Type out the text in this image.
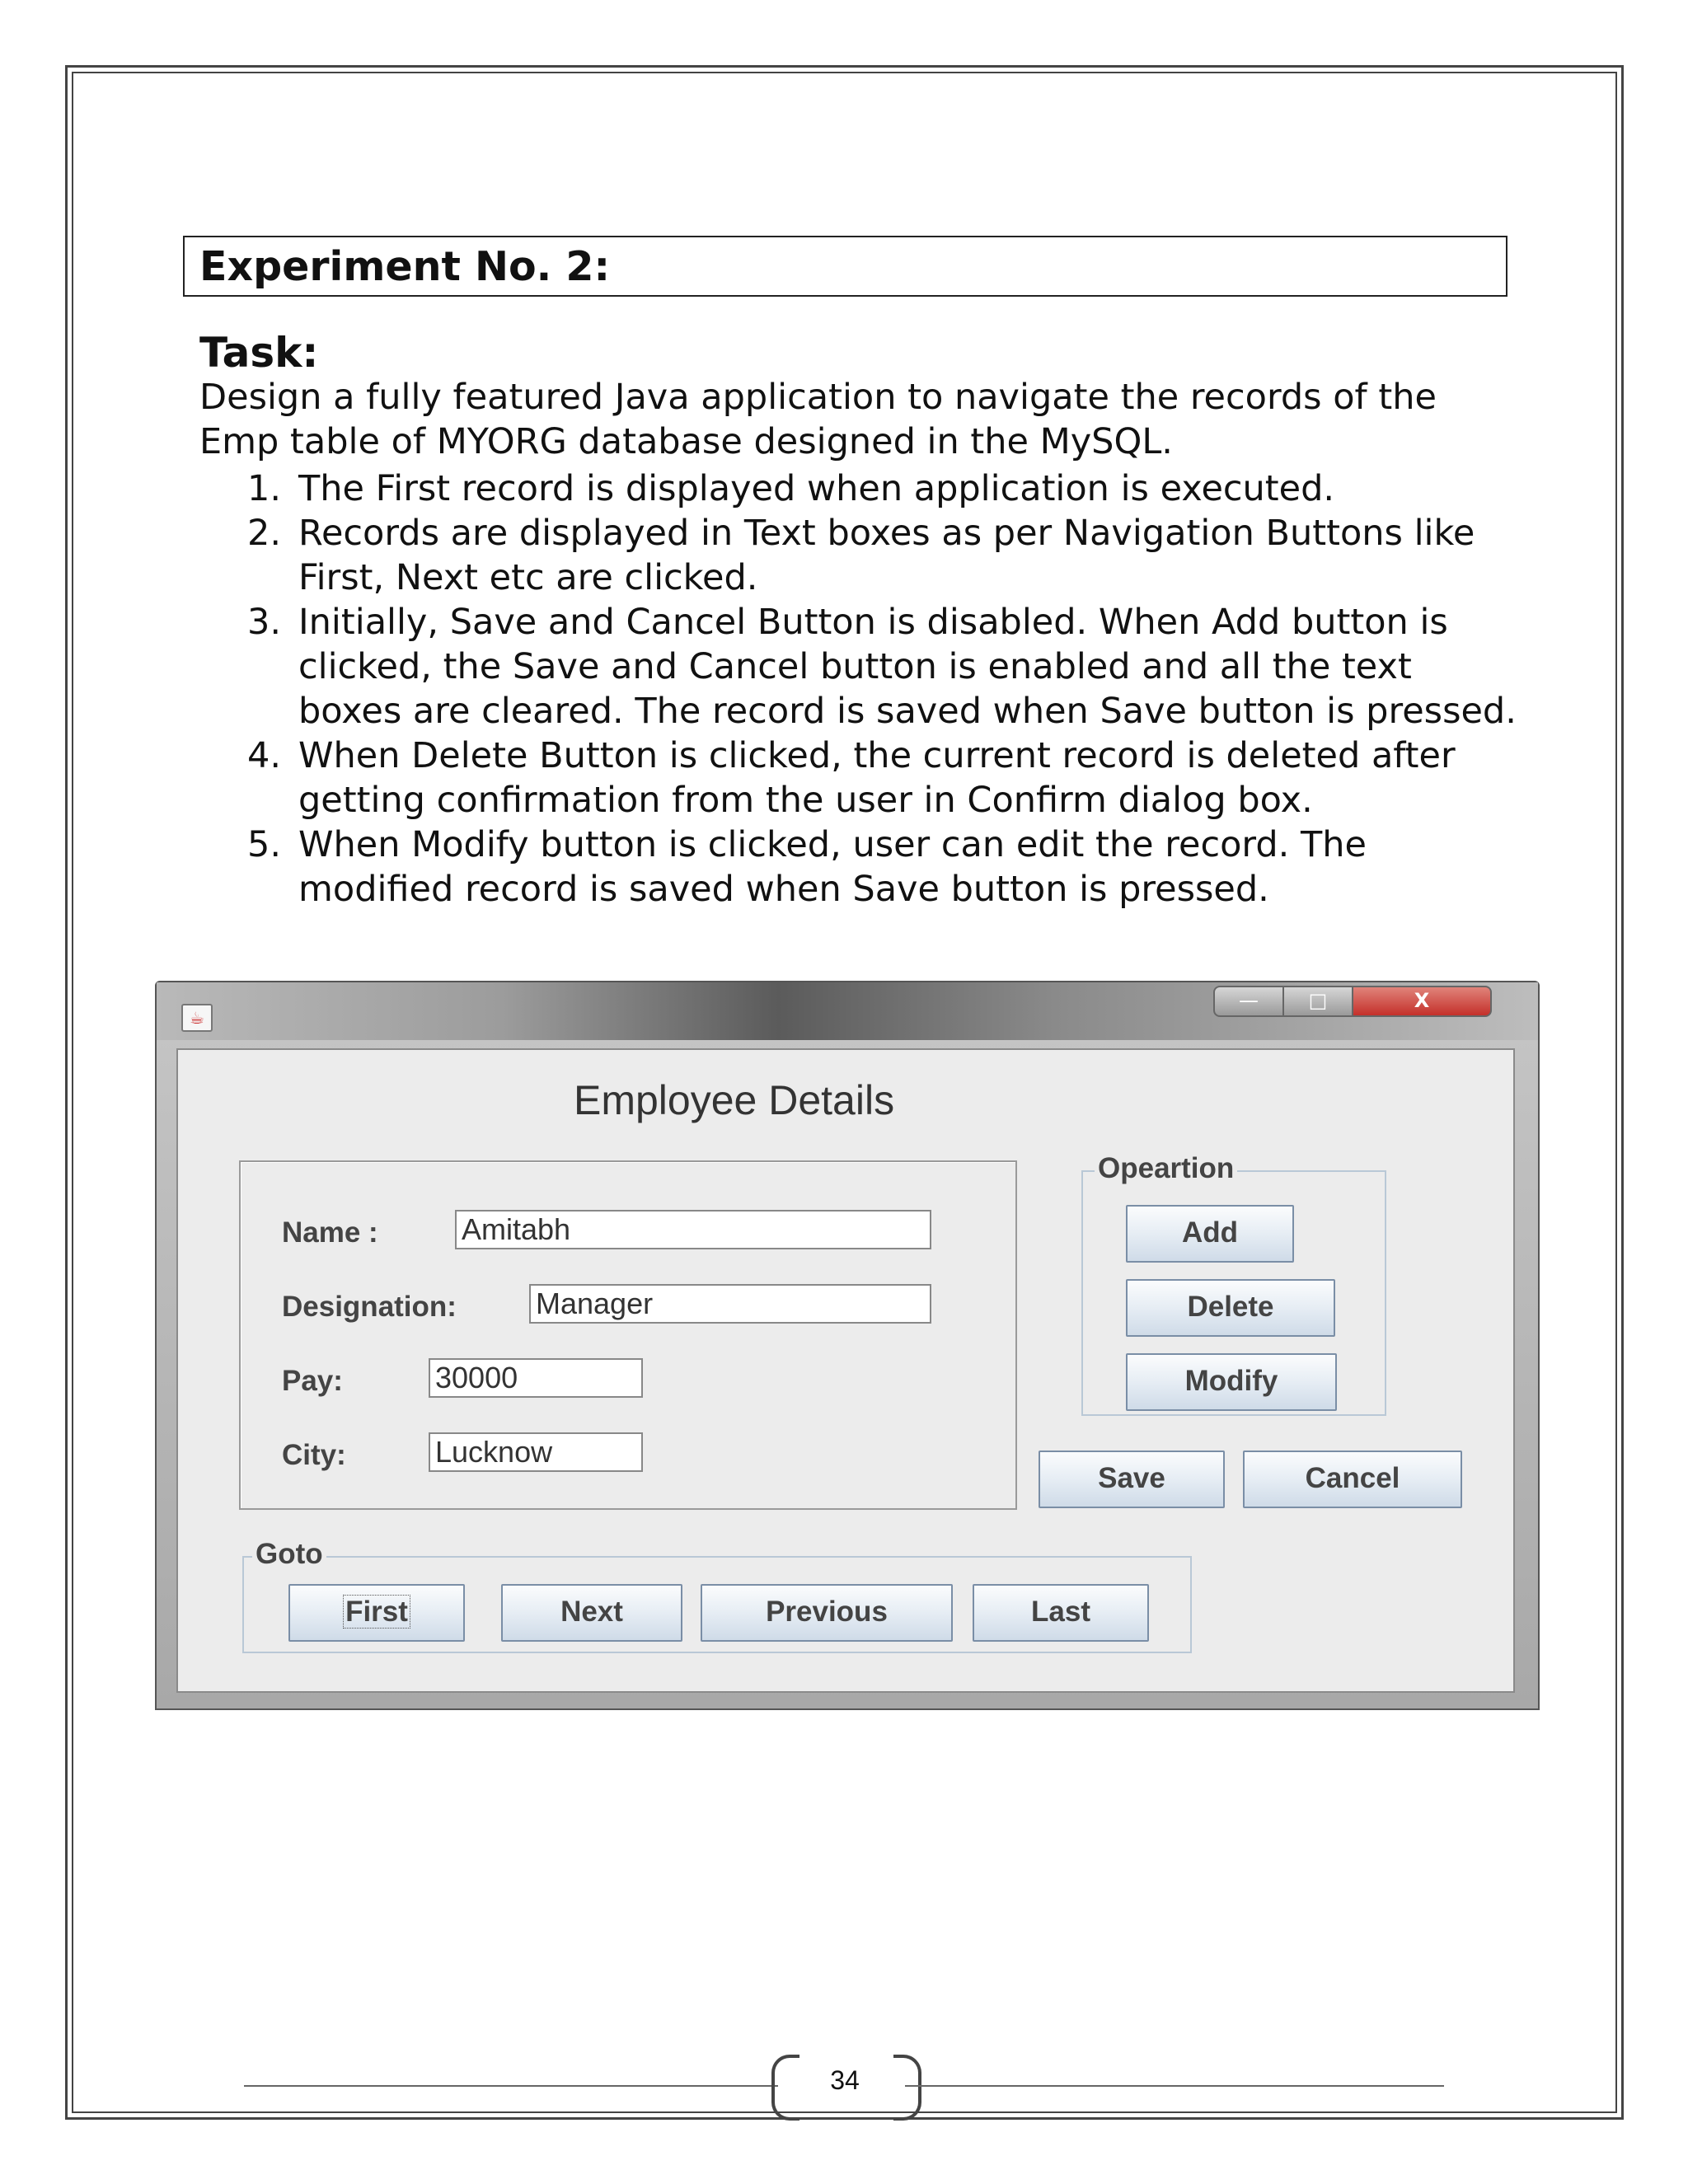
Experiment No. 2:
Task:
Design a fully featured Java application to navigate the records of the
Emp table of MYORG database designed in the MySQL.
1. The First record is displayed when application is executed.
2. Records are displayed in Text boxes as per Navigation Buttons like
First, Next etc are clicked.
3. Initially, Save and Cancel Button is disabled. When Add button is
clicked, the Save and Cancel button is enabled and all the text
boxes are cleared. The record is saved when Save button is pressed.
4. When Delete Button is clicked, the current record is deleted after
getting confirmation from the user in Confirm dialog box.
5. When Modify button is clicked, user can edit the record. The
modified record is saved when Save button is pressed.
☕
—	□	X
Employee Details
Name :	Amitabh
Designation:	Manager
Pay:	30000
City:	Lucknow
Opeartion
Add
Delete
Modify
Save	Cancel
Goto
First	Next	Previous	Last
34
